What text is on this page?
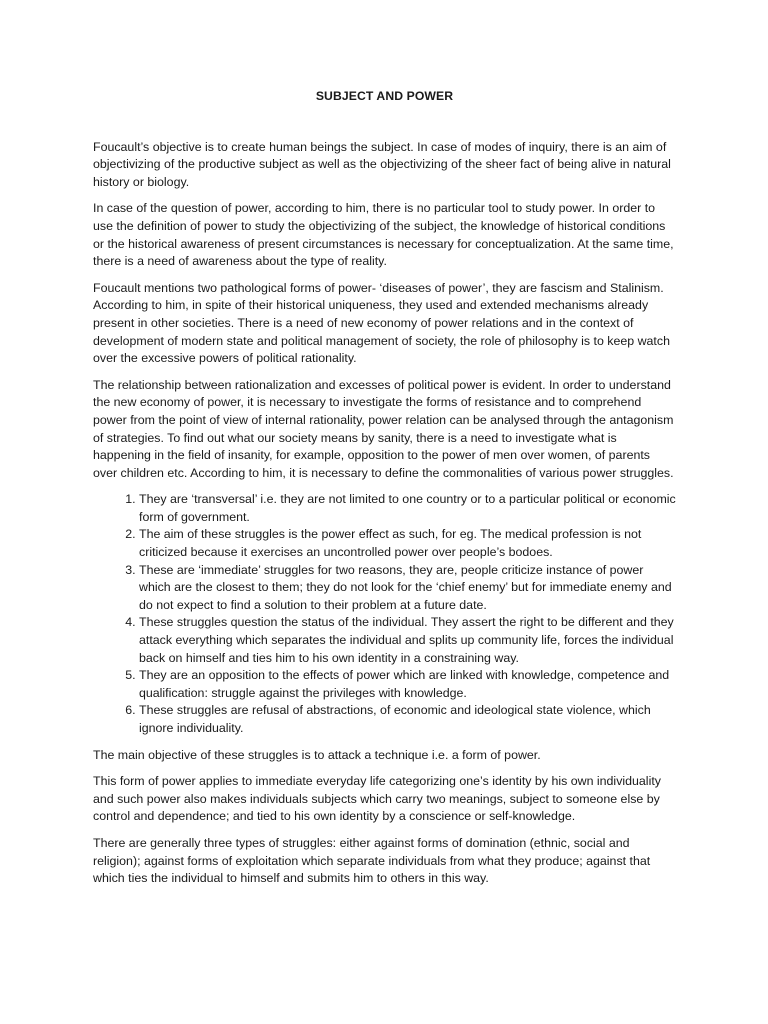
SUBJECT AND POWER

Foucault’s objective is to create human beings the subject. In case of modes of inquiry, there is an aim of objectivizing of the productive subject as well as the objectivizing of the sheer fact of being alive in natural history or biology.

In case of the question of power, according to him, there is no particular tool to study power. In order to use the definition of power to study the objectivizing of the subject, the knowledge of historical conditions or the historical awareness of present circumstances is necessary for conceptualization. At the same time, there is a need of awareness about the type of reality.

Foucault mentions two pathological forms of power- ‘diseases of power’, they are fascism and Stalinism. According to him, in spite of their historical uniqueness, they used and extended mechanisms already present in other societies. There is a need of new economy of power relations and in the context of development of modern state and political management of society, the role of philosophy is to keep watch over the excessive powers of political rationality.

The relationship between rationalization and excesses of political power is evident. In order to understand the new economy of power, it is necessary to investigate the forms of resistance and to comprehend power from the point of view of internal rationality, power relation can be analysed through the antagonism of strategies. To find out what our society means by sanity, there is a need to investigate what is happening in the field of insanity, for example, opposition to the power of men over women, of parents over children etc. According to him, it is necessary to define the commonalities of various power struggles.

1. They are ‘transversal’ i.e. they are not limited to one country or to a particular political or economic form of government.
2. The aim of these struggles is the power effect as such, for eg. The medical profession is not criticized because it exercises an uncontrolled power over people’s bodoes.
3. These are ‘immediate’ struggles for two reasons, they are, people criticize instance of power which are the closest to them; they do not look for the ‘chief enemy’ but for immediate enemy and do not expect to find a solution to their problem at a future date.
4. These struggles question the status of the individual. They assert the right to be different and they attack everything which separates the individual and splits up community life, forces the individual back on himself and ties him to his own identity in a constraining way.
5. They are an opposition to the effects of power which are linked with knowledge, competence and qualification: struggle against the privileges with knowledge.
6. These struggles are refusal of abstractions, of economic and ideological state violence, which ignore individuality.

The main objective of these struggles is to attack a technique i.e. a form of power.

This form of power applies to immediate everyday life categorizing one’s identity by his own individuality and such power also makes individuals subjects which carry two meanings, subject to someone else by control and dependence; and tied to his own identity by a conscience or self-knowledge.

There are generally three types of struggles: either against forms of domination (ethnic, social and religion); against forms of exploitation which separate individuals from what they produce; against that which ties the individual to himself and submits him to others in this way.
